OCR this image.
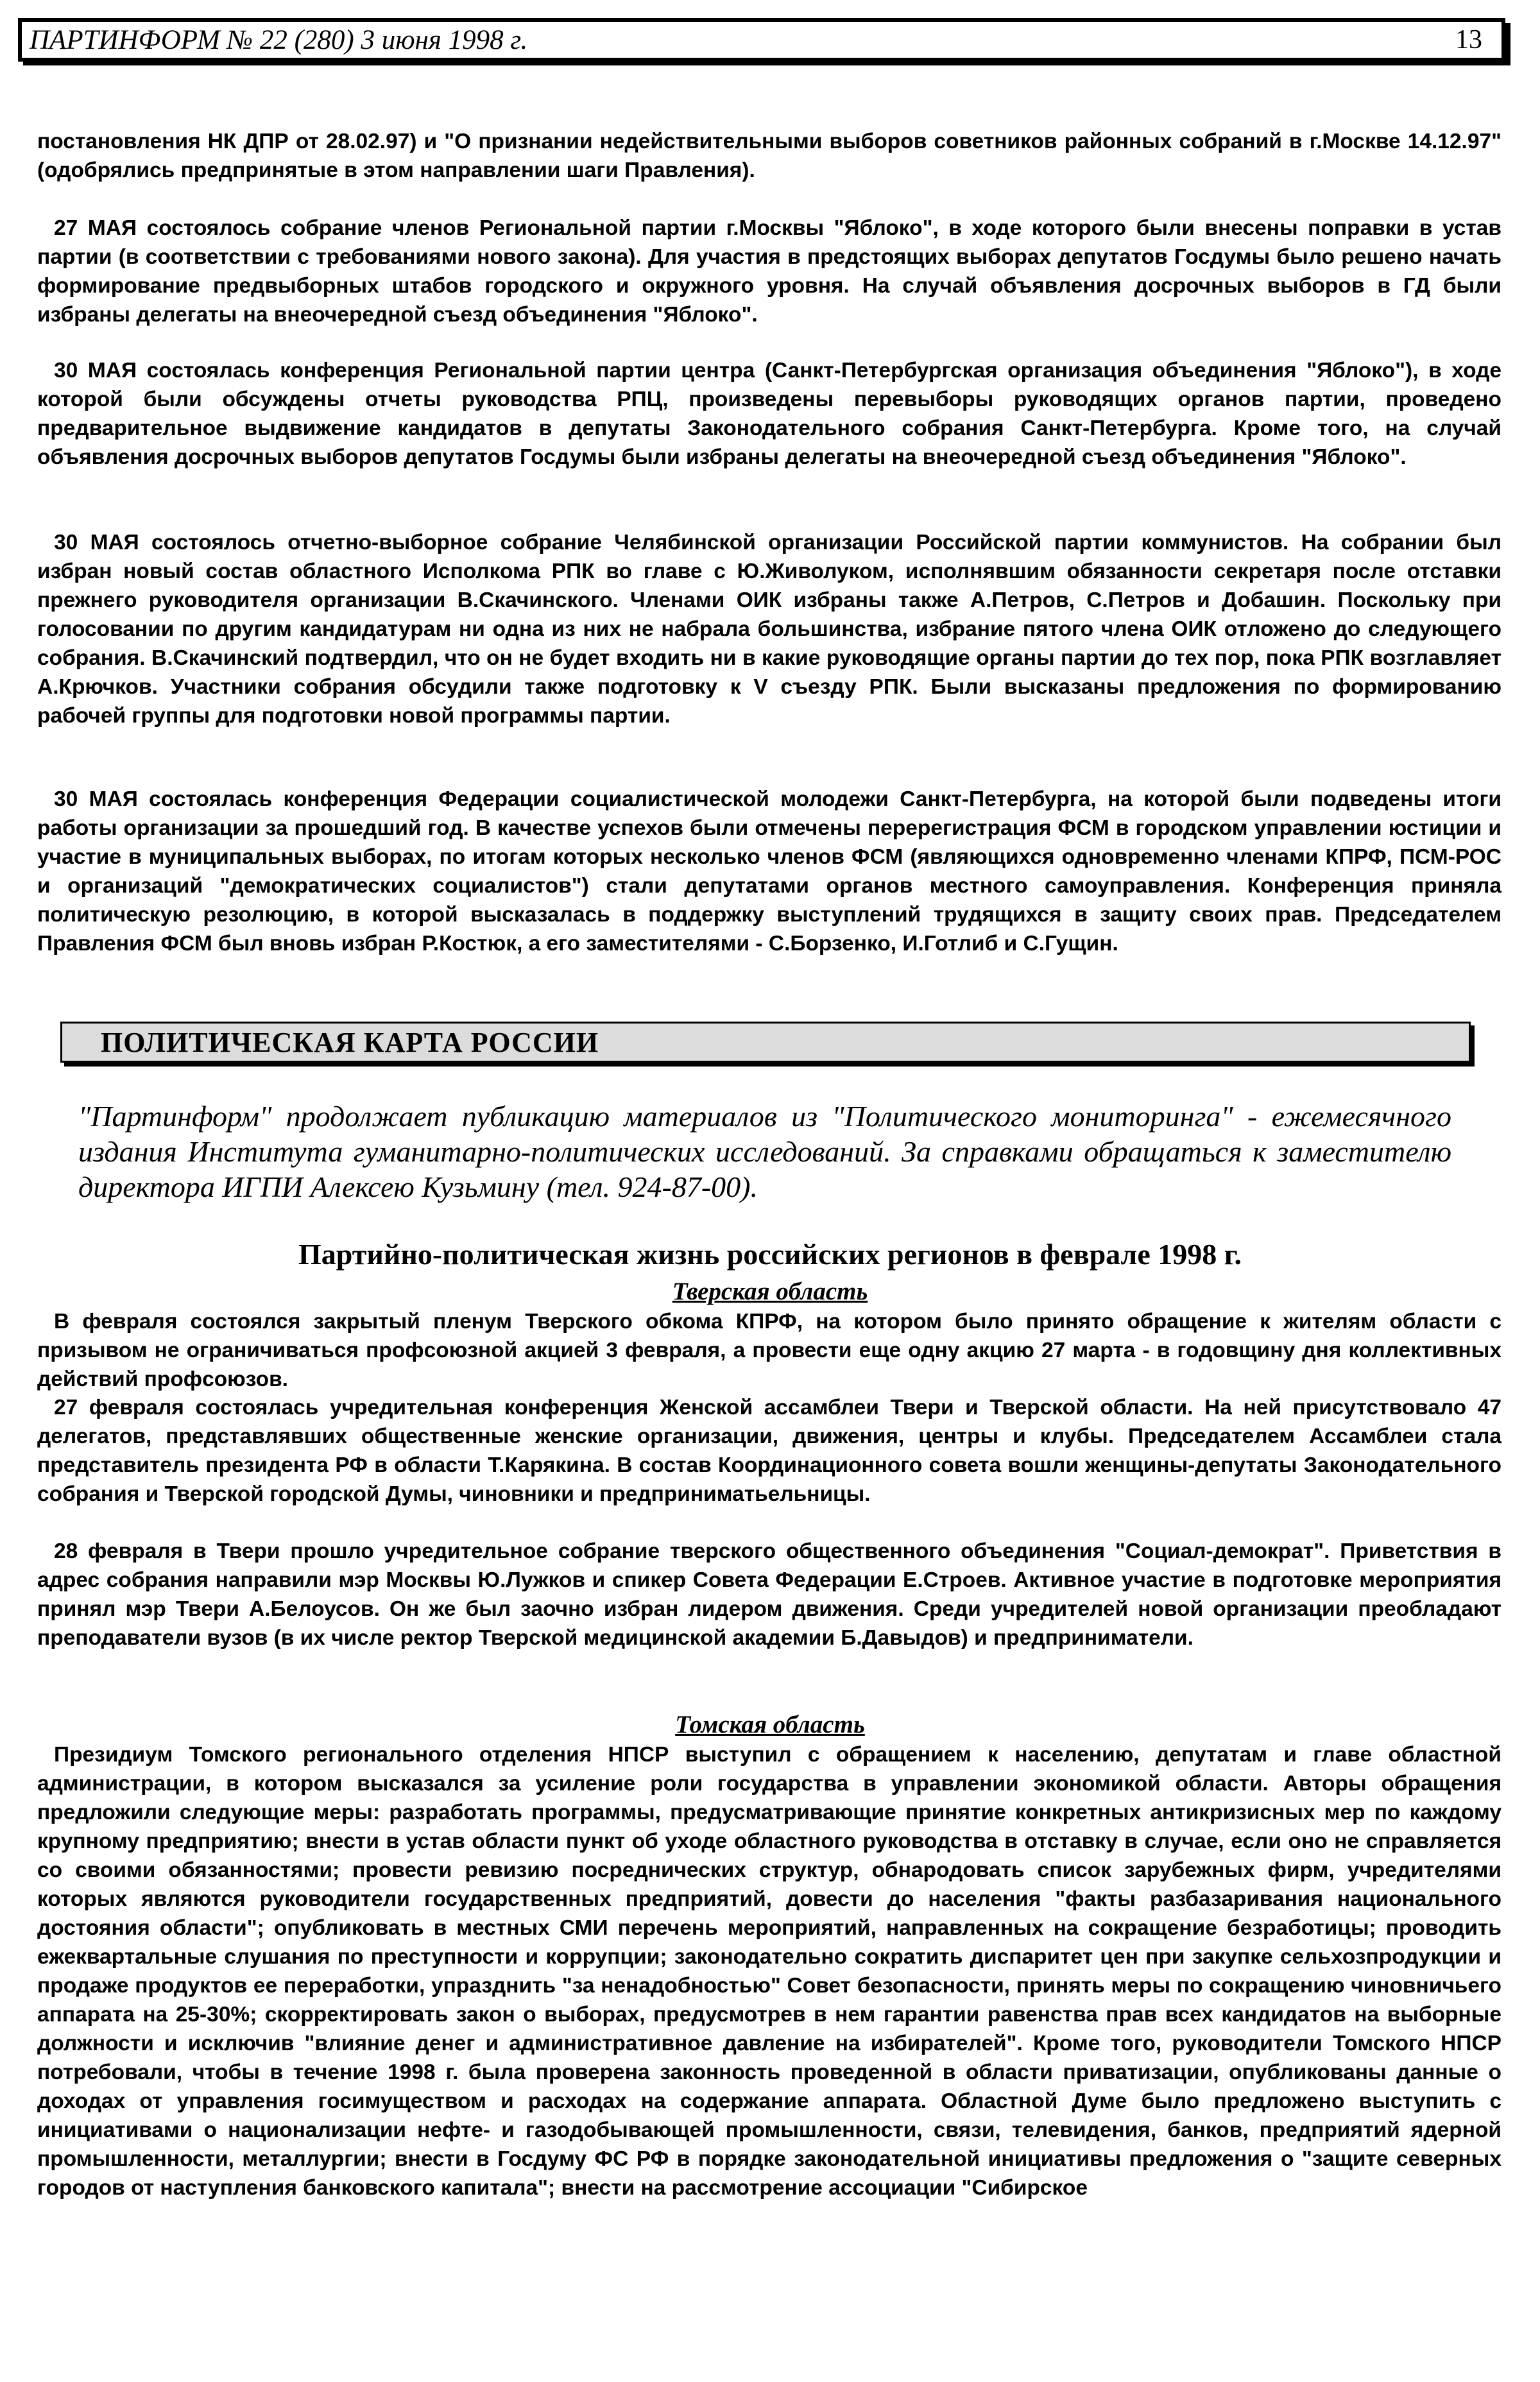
ПАРТИНФОРМ № 22 (280) 3 июня 1998 г.	13

постановления НК ДПР от 28.02.97) и "О признании недействительными выборов советников районных собраний в г.Москве 14.12.97" (одобрялись предпринятые в этом направлении шаги Правления).

27 МАЯ состоялось собрание членов Региональной партии г.Москвы "Яблоко", в ходе которого были внесены поправки в устав партии (в соответствии с требованиями нового закона). Для участия в предстоящих выборах депутатов Госдумы было решено начать формирование предвыборных штабов городского и окружного уровня. На случай объявления досрочных выборов в ГД были избраны делегаты на внеочередной съезд объединения "Яблоко".

30 МАЯ состоялась конференция Региональной партии центра (Санкт-Петербургская организация объединения "Яблоко"), в ходе которой были обсуждены отчеты руководства РПЦ, произведены перевыборы руководящих органов партии, проведено предварительное выдвижение кандидатов в депутаты Законодательного собрания Санкт-Петербурга. Кроме того, на случай объявления досрочных выборов депутатов Госдумы были избраны делегаты на внеочередной съезд объединения "Яблоко".

30 МАЯ состоялось отчетно-выборное собрание Челябинской организации Российской партии коммунистов. На собрании был избран новый состав областного Исполкома РПК во главе с Ю.Живолуком, исполнявшим обязанности секретаря после отставки прежнего руководителя организации В.Скачинского. Членами ОИК избраны также А.Петров, С.Петров и Добашин. Поскольку при голосовании по другим кандидатурам ни одна из них не набрала большинства, избрание пятого члена ОИК отложено до следующего собрания. В.Скачинский подтвердил, что он не будет входить ни в какие руководящие органы партии до тех пор, пока РПК возглавляет А.Крючков. Участники собрания обсудили также подготовку к V съезду РПК. Были высказаны предложения по формированию рабочей группы для подготовки новой программы партии.

30 МАЯ состоялась конференция Федерации социалистической молодежи Санкт-Петербурга, на которой были подведены итоги работы организации за прошедший год. В качестве успехов были отмечены перерегистрация ФСМ в городском управлении юстиции и участие в муниципальных выборах, по итогам которых несколько членов ФСМ (являющихся одновременно членами КПРФ, ПСМ-РОС и организаций "демократических социалистов") стали депутатами органов местного самоуправления. Конференция приняла политическую резолюцию, в которой высказалась в поддержку выступлений трудящихся в защиту своих прав. Председателем Правления ФСМ был вновь избран Р.Костюк, а его заместителями - С.Борзенко, И.Готлиб и С.Гущин.

ПОЛИТИЧЕСКАЯ КАРТА РОССИИ

"Партинформ" продолжает публикацию материалов из "Политического мониторинга" - ежемесячного издания Института гуманитарно-политических исследований. За справками обращаться к заместителю директора ИГПИ Алексею Кузьмину (тел. 924-87-00).

Партийно-политическая жизнь российских регионов в феврале 1998 г.
Тверская область

В февраля состоялся закрытый пленум Тверского обкома КПРФ, на котором было принято обращение к жителям области с призывом не ограничиваться профсоюзной акцией 3 февраля, а провести еще одну акцию 27 марта - в годовщину дня коллективных действий профсоюзов.

27 февраля состоялась учредительная конференция Женской ассамблеи Твери и Тверской области. На ней присутствовало 47 делегатов, представлявших общественные женские организации, движения, центры и клубы. Председателем Ассамблеи стала представитель президента РФ в области Т.Карякина. В состав Координационного совета вошли женщины-депутаты Законодательного собрания и Тверской городской Думы, чиновники и предприниматьельницы.

28 февраля в Твери прошло учредительное собрание тверского общественного объединения "Социал-демократ". Приветствия в адрес собрания направили мэр Москвы Ю.Лужков и спикер Совета Федерации Е.Строев. Активное участие в подготовке мероприятия принял мэр Твери А.Белоусов. Он же был заочно избран лидером движения. Среди учредителей новой организации преобладают преподаватели вузов (в их числе ректор Тверской медицинской академии Б.Давыдов) и предприниматели.

Томская область

Президиум Томского регионального отделения НПСР выступил с обращением к населению, депутатам и главе областной администрации, в котором высказался за усиление роли государства в управлении экономикой области. Авторы обращения предложили следующие меры: разработать программы, предусматривающие принятие конкретных антикризисных мер по каждому крупному предприятию; внести в устав области пункт об уходе областного руководства в отставку в случае, если оно не справляется со своими обязанностями; провести ревизию посреднических структур, обнародовать список зарубежных фирм, учредителями которых являются руководители государственных предприятий, довести до населения "факты разбазаривания национального достояния области"; опубликовать в местных СМИ перечень мероприятий, направленных на сокращение безработицы; проводить ежеквартальные слушания по преступности и коррупции; законодательно сократить диспаритет цен при закупке сельхозпродукции и продаже продуктов ее переработки, упразднить "за ненадобностью" Совет безопасности, принять меры по сокращению чиновничьего аппарата на 25-30%; скорректировать закон о выборах, предусмотрев в нем гарантии равенства прав всех кандидатов на выборные должности и исключив "влияние денег и административное давление на избирателей". Кроме того, руководители Томского НПСР потребовали, чтобы в течение 1998 г. была проверена законность проведенной в области приватизации, опубликованы данные о доходах от управления госимуществом и расходах на содержание аппарата. Областной Думе было предложено выступить с инициативами о национализации нефте- и газодобывающей промышленности, связи, телевидения, банков, предприятий ядерной промышленности, металлургии; внести в Госдуму ФС РФ в порядке законодательной инициативы предложения о "защите северных городов от наступления банковского капитала"; внести на рассмотрение ассоциации "Сибирское
